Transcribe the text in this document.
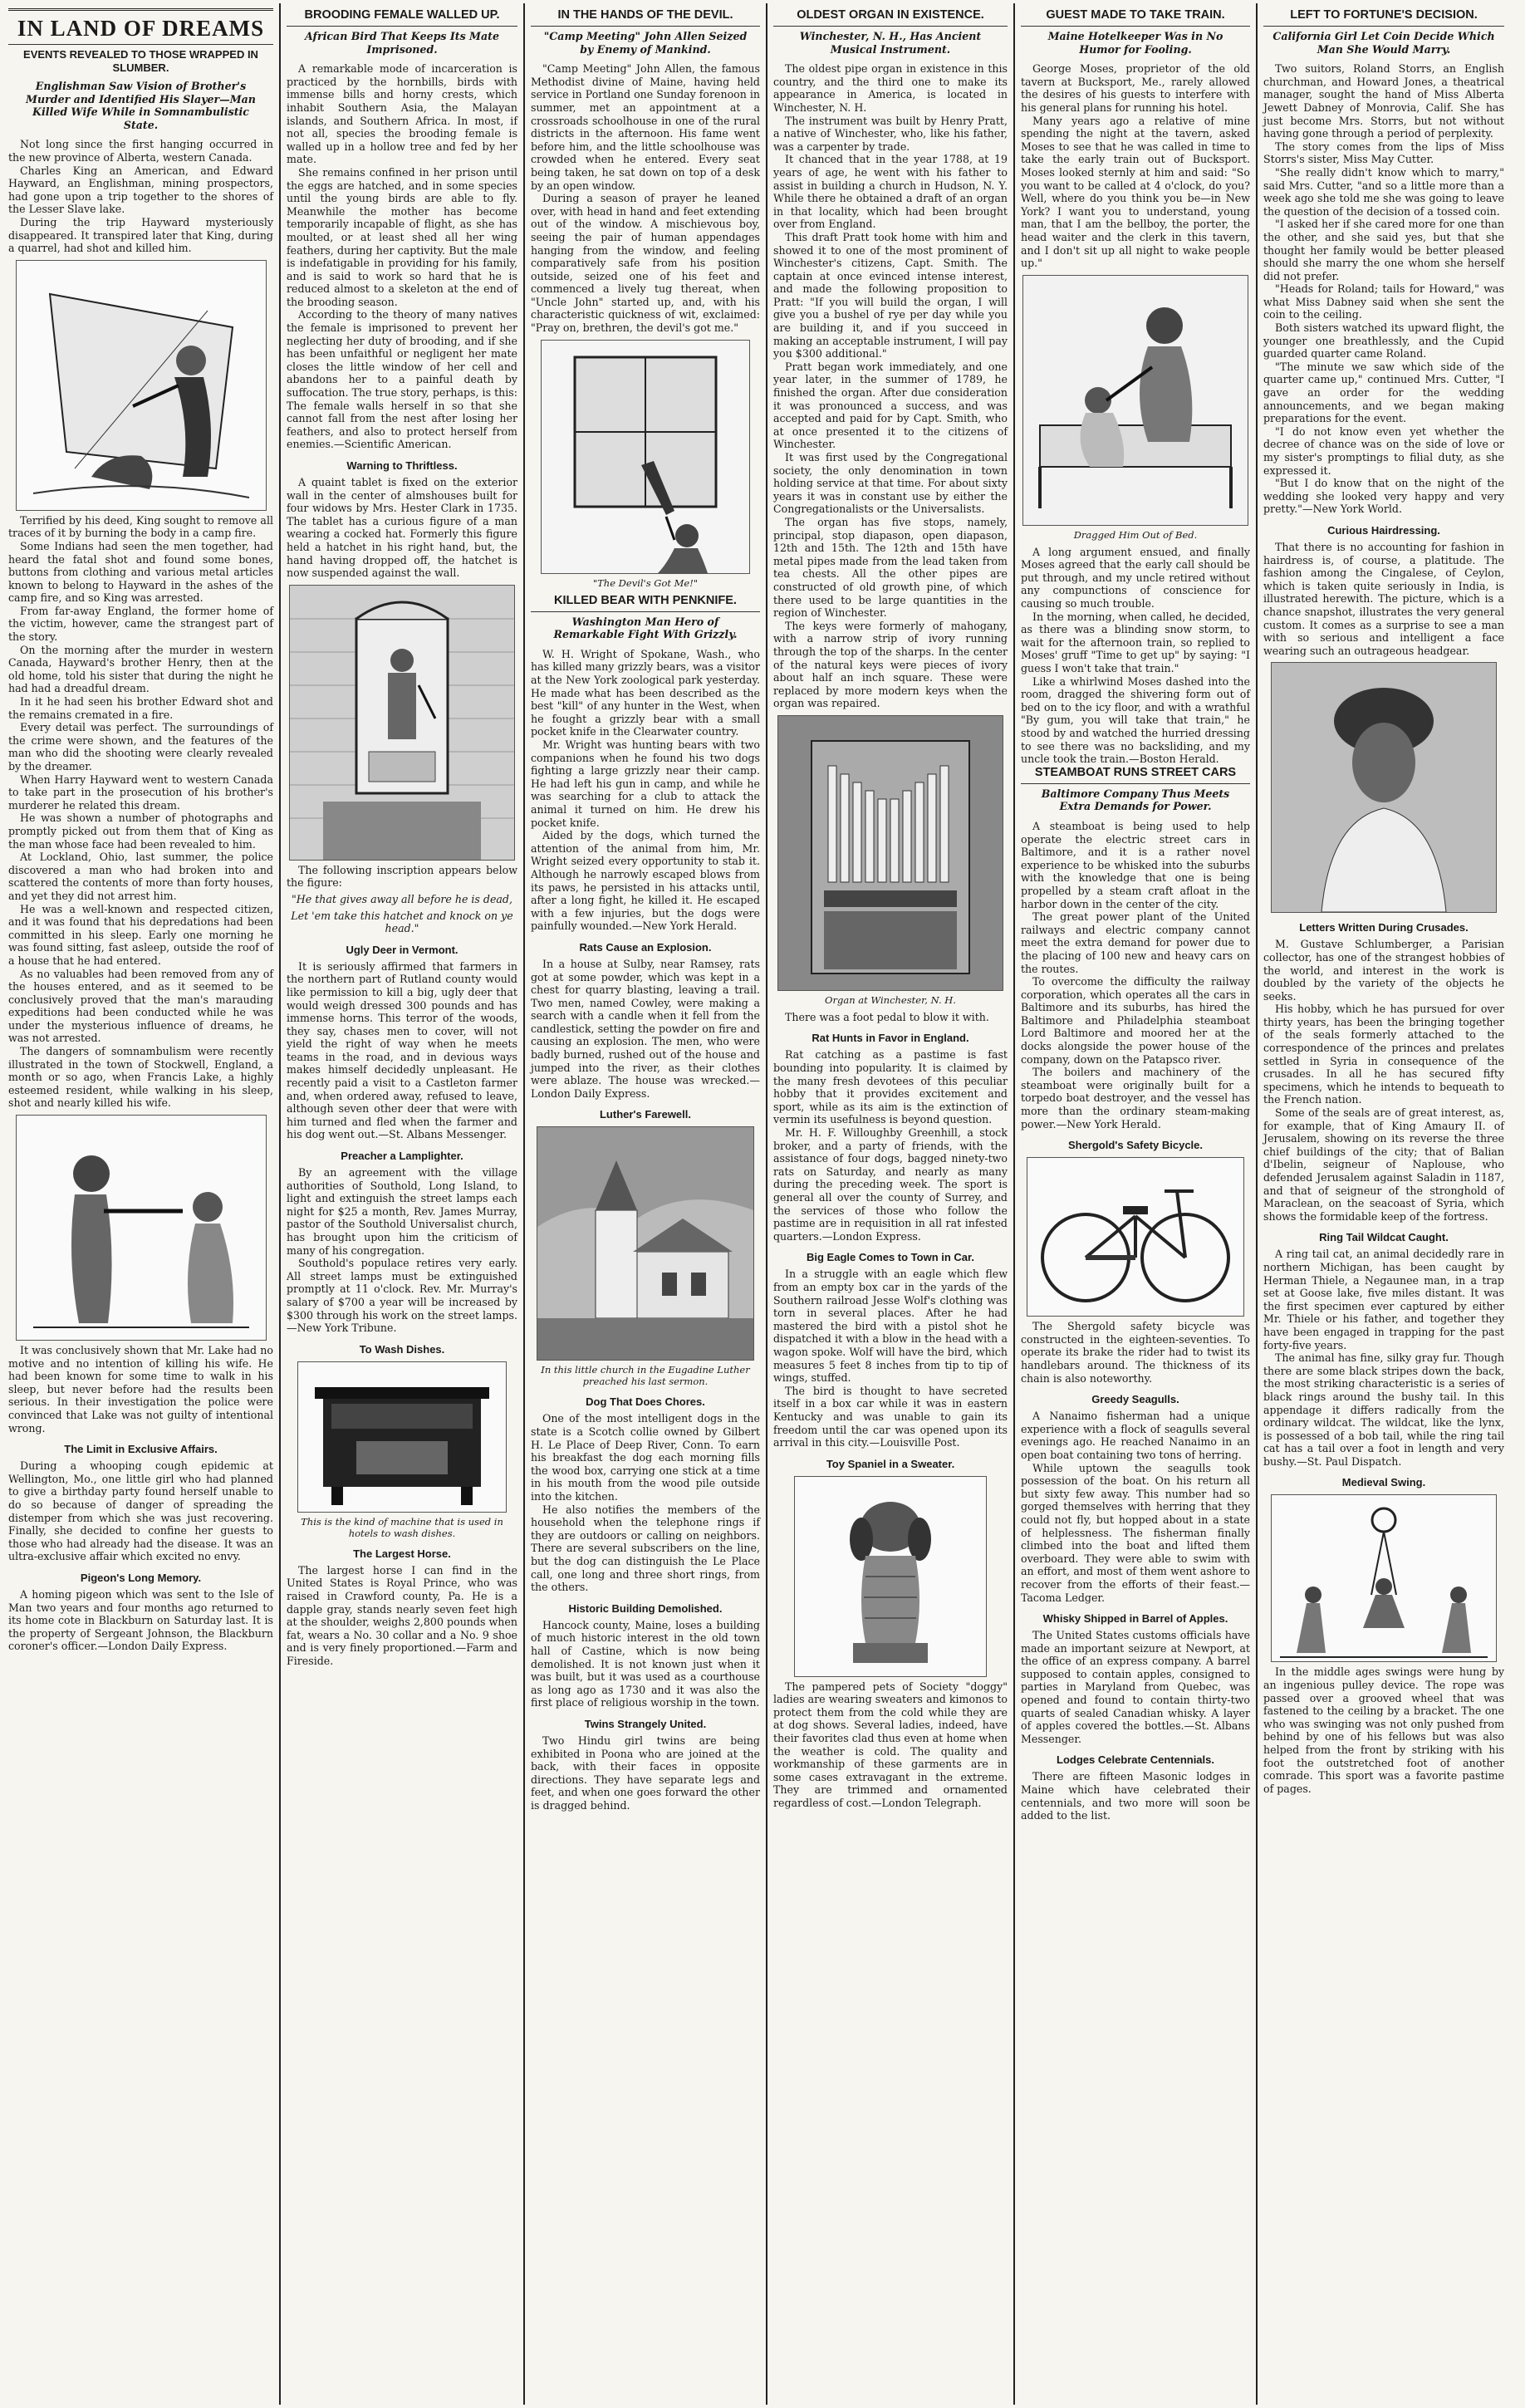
IN LAND OF DREAMS
EVENTS REVEALED TO THOSE WRAPPED IN SLUMBER.
Englishman Saw Vision of Brother's Murder and Identified His Slayer—Man Killed Wife While in Somnambulistic State.

Not long since the first hanging occurred in the new province of Alberta, western Canada.

Charles King an American, and Edward Hayward, an Englishman, mining prospectors, had gone upon a trip together to the shores of the Lesser Slave lake.

During the trip Hayward mysteriously disappeared. It transpired later that King, during a quarrel, had shot and killed him.

Terrified by his deed, King sought to remove all traces of it by burning the body in a camp fire.

Some Indians had seen the men together, had heard the fatal shot and found some bones, buttons from clothing and various metal articles known to belong to Hayward in the ashes of the camp fire, and so King was arrested.

From far-away England, the former home of the victim, however, came the strangest part of the story.

On the morning after the murder in western Canada, Hayward's brother Henry, then at the old home, told his sister that during the night he had had a dreadful dream.

In it he had seen his brother Edward shot and the remains cremated in a fire.

Every detail was perfect. The surroundings of the crime were shown, and the features of the man who did the shooting were clearly revealed by the dreamer.

When Harry Hayward went to western Canada to take part in the prosecution of his brother's murderer he related this dream.

He was shown a number of photographs and promptly picked out from them that of King as the man whose face had been revealed to him.

At Lockland, Ohio, last summer, the police discovered a man who had broken into and scattered the contents of more than forty houses, and yet they did not arrest him.

He was a well-known and respected citizen, and it was found that his depredations had been committed in his sleep. Early one morning he was found sitting, fast asleep, outside the roof of a house that he had entered.

As no valuables had been removed from any of the houses entered, and as it seemed to be conclusively proved that the man's marauding expeditions had been conducted while he was under the mysterious influence of dreams, he was not arrested.

The dangers of somnambulism were recently illustrated in the town of Stockwell, England, a month or so ago, when Francis Lake, a highly esteemed resident, while walking in his sleep, shot and nearly killed his wife.

It was conclusively shown that Mr. Lake had no motive and no intention of killing his wife. He had been known for some time to walk in his sleep, but never before had the results been serious. In their investigation the police were convinced that Lake was not guilty of intentional wrong.

The Limit in Exclusive Affairs.

During a whooping cough epidemic at Wellington, Mo., one little girl who had planned to give a birthday party found herself unable to do so because of danger of spreading the distemper from which she was just recovering. Finally, she decided to confine her guests to those who had already had the disease. It was an ultra-exclusive affair which excited no envy.

Pigeon's Long Memory.

A homing pigeon which was sent to the Isle of Man two years and four months ago returned to its home cote in Blackburn on Saturday last. It is the property of Sergeant Johnson, the Blackburn coroner's officer.—London Daily Express.

BROODING FEMALE WALLED UP.
African Bird That Keeps Its Mate Imprisoned.

A remarkable mode of incarceration is practiced by the hornbills, birds with immense bills and horny crests, which inhabit Southern Asia, the Malayan islands, and Southern Africa. In most, if not all, species the brooding female is walled up in a hollow tree and fed by her mate.

She remains confined in her prison until the eggs are hatched, and in some species until the young birds are able to fly. Meanwhile the mother has become temporarily incapable of flight, as she has moulted, or at least shed all her wing feathers, during her captivity. But the male is indefatigable in providing for his family, and is said to work so hard that he is reduced almost to a skeleton at the end of the brooding season.

According to the theory of many natives the female is imprisoned to prevent her neglecting her duty of brooding, and if she has been unfaithful or negligent her mate closes the little window of her cell and abandons her to a painful death by suffocation. The true story, perhaps, is this: The female walls herself in so that she cannot fall from the nest after losing her feathers, and also to protect herself from enemies.—Scientific American.

Warning to Thriftless.

A quaint tablet is fixed on the exterior wall in the center of almshouses built for four widows by Mrs. Hester Clark in 1735. The tablet has a curious figure of a man wearing a cocked hat. Formerly this figure held a hatchet in his right hand, but, the hand having dropped off, the hatchet is now suspended against the wall.

The following inscription appears below the figure:

"He that gives away all before he is dead,

Let 'em take this hatchet and knock on ye head."

Ugly Deer in Vermont.

It is seriously affirmed that farmers in the northern part of Rutland county would like permission to kill a big, ugly deer that would weigh dressed 300 pounds and has immense horns. This terror of the woods, they say, chases men to cover, will not yield the right of way when he meets teams in the road, and in devious ways makes himself decidedly unpleasant. He recently paid a visit to a Castleton farmer and, when ordered away, refused to leave, although seven other deer that were with him turned and fled when the farmer and his dog went out.—St. Albans Messenger.

Preacher a Lamplighter.

By an agreement with the village authorities of Southold, Long Island, to light and extinguish the street lamps each night for $25 a month, Rev. James Murray, pastor of the Southold Universalist church, has brought upon him the criticism of many of his congregation.

Southold's populace retires very early. All street lamps must be extinguished promptly at 11 o'clock. Rev. Mr. Murray's salary of $700 a year will be increased by $300 through his work on the street lamps.—New York Tribune.

To Wash Dishes.

This is the kind of machine that is used in hotels to wash dishes.

The Largest Horse.

The largest horse I can find in the United States is Royal Prince, who was raised in Crawford county, Pa. He is a dapple gray, stands nearly seven feet high at the shoulder, weighs 2,800 pounds when fat, wears a No. 30 collar and a No. 9 shoe and is very finely proportioned.—Farm and Fireside.

IN THE HANDS OF THE DEVIL.
"Camp Meeting" John Allen Seized by Enemy of Mankind.

"Camp Meeting" John Allen, the famous Methodist divine of Maine, having held service in Portland one Sunday forenoon in summer, met an appointment at a crossroads schoolhouse in one of the rural districts in the afternoon. His fame went before him, and the little schoolhouse was crowded when he entered. Every seat being taken, he sat down on top of a desk by an open window.

During a season of prayer he leaned over, with head in hand and feet extending out of the window. A mischievous boy, seeing the pair of human appendages hanging from the window, and feeling comparatively safe from his position outside, seized one of his feet and commenced a lively tug thereat, when "Uncle John" started up, and, with his characteristic quickness of wit, exclaimed: "Pray on, brethren, the devil's got me."

"The Devil's Got Me!"

KILLED BEAR WITH PENKNIFE.
Washington Man Hero of Remarkable Fight With Grizzly.

W. H. Wright of Spokane, Wash., who has killed many grizzly bears, was a visitor at the New York zoological park yesterday. He made what has been described as the best "kill" of any hunter in the West, when he fought a grizzly bear with a small pocket knife in the Clearwater country.

Mr. Wright was hunting bears with two companions when he found his two dogs fighting a large grizzly near their camp. He had left his gun in camp, and while he was searching for a club to attack the animal it turned on him. He drew his pocket knife.

Aided by the dogs, which turned the attention of the animal from him, Mr. Wright seized every opportunity to stab it. Although he narrowly escaped blows from its paws, he persisted in his attacks until, after a long fight, he killed it. He escaped with a few injuries, but the dogs were painfully wounded.—New York Herald.

Rats Cause an Explosion.

In a house at Sulby, near Ramsey, rats got at some powder, which was kept in a chest for quarry blasting, leaving a trail. Two men, named Cowley, were making a search with a candle when it fell from the candlestick, setting the powder on fire and causing an explosion. The men, who were badly burned, rushed out of the house and jumped into the river, as their clothes were ablaze. The house was wrecked.—London Daily Express.

Luther's Farewell.

In this little church in the Eugadine Luther preached his last sermon.

Dog That Does Chores.

One of the most intelligent dogs in the state is a Scotch collie owned by Gilbert H. Le Place of Deep River, Conn. To earn his breakfast the dog each morning fills the wood box, carrying one stick at a time in his mouth from the wood pile outside into the kitchen.

He also notifies the members of the household when the telephone rings if they are outdoors or calling on neighbors. There are several subscribers on the line, but the dog can distinguish the Le Place call, one long and three short rings, from the others.

Historic Building Demolished.

Hancock county, Maine, loses a building of much historic interest in the old town hall of Castine, which is now being demolished. It is not known just when it was built, but it was used as a courthouse as long ago as 1730 and it was also the first place of religious worship in the town.

Twins Strangely United.

Two Hindu girl twins are being exhibited in Poona who are joined at the back, with their faces in opposite directions. They have separate legs and feet, and when one goes forward the other is dragged behind.

OLDEST ORGAN IN EXISTENCE.
Winchester, N. H., Has Ancient Musical Instrument.

The oldest pipe organ in existence in this country, and the third one to make its appearance in America, is located in Winchester, N. H.

The instrument was built by Henry Pratt, a native of Winchester, who, like his father, was a carpenter by trade.

It chanced that in the year 1788, at 19 years of age, he went with his father to assist in building a church in Hudson, N. Y. While there he obtained a draft of an organ in that locality, which had been brought over from England.

This draft Pratt took home with him and showed it to one of the most prominent of Winchester's citizens, Capt. Smith. The captain at once evinced intense interest, and made the following proposition to Pratt: "If you will build the organ, I will give you a bushel of rye per day while you are building it, and if you succeed in making an acceptable instrument, I will pay you $300 additional."

Pratt began work immediately, and one year later, in the summer of 1789, he finished the organ. After due consideration it was pronounced a success, and was accepted and paid for by Capt. Smith, who at once presented it to the citizens of Winchester.

It was first used by the Congregational society, the only denomination in town holding service at that time. For about sixty years it was in constant use by either the Congregationalists or the Universalists.

The organ has five stops, namely, principal, stop diapason, open diapason, 12th and 15th. The 12th and 15th have metal pipes made from the lead taken from tea chests. All the other pipes are constructed of old growth pine, of which there used to be large quantities in the region of Winchester.

The keys were formerly of mahogany, with a narrow strip of ivory running through the top of the sharps. In the center of the natural keys were pieces of ivory about half an inch square. These were replaced by more modern keys when the organ was repaired.

Organ at Winchester, N. H.

There was a foot pedal to blow it with.

Rat Hunts in Favor in England.

Rat catching as a pastime is fast bounding into popularity. It is claimed by the many fresh devotees of this peculiar hobby that it provides excitement and sport, while as its aim is the extinction of vermin its usefulness is beyond question.

Mr. H. F. Willoughby Greenhill, a stock broker, and a party of friends, with the assistance of four dogs, bagged ninety-two rats on Saturday, and nearly as many during the preceding week. The sport is general all over the county of Surrey, and the services of those who follow the pastime are in requisition in all rat infested quarters.—London Express.

Big Eagle Comes to Town in Car.

In a struggle with an eagle which flew from an empty box car in the yards of the Southern railroad Jesse Wolf's clothing was torn in several places. After he had mastered the bird with a pistol shot he dispatched it with a blow in the head with a wagon spoke. Wolf will have the bird, which measures 5 feet 8 inches from tip to tip of wings, stuffed.

The bird is thought to have secreted itself in a box car while it was in eastern Kentucky and was unable to gain its freedom until the car was opened upon its arrival in this city.—Louisville Post.

Toy Spaniel in a Sweater.

The pampered pets of Society "doggy" ladies are wearing sweaters and kimonos to protect them from the cold while they are at dog shows. Several ladies, indeed, have their favorites clad thus even at home when the weather is cold. The quality and workmanship of these garments are in some cases extravagant in the extreme. They are trimmed and ornamented regardless of cost.—London Telegraph.

GUEST MADE TO TAKE TRAIN.
Maine Hotelkeeper Was in No Humor for Fooling.

George Moses, proprietor of the old tavern at Bucksport, Me., rarely allowed the desires of his guests to interfere with his general plans for running his hotel.

Many years ago a relative of mine spending the night at the tavern, asked Moses to see that he was called in time to take the early train out of Bucksport. Moses looked sternly at him and said: "So you want to be called at 4 o'clock, do you? Well, where do you think you be—in New York? I want you to understand, young man, that I am the bellboy, the porter, the head waiter and the clerk in this tavern, and I don't sit up all night to wake people up."

Dragged Him Out of Bed.

A long argument ensued, and finally Moses agreed that the early call should be put through, and my uncle retired without any compunctions of conscience for causing so much trouble.

In the morning, when called, he decided, as there was a blinding snow storm, to wait for the afternoon train, so replied to Moses' gruff "Time to get up" by saying: "I guess I won't take that train."

Like a whirlwind Moses dashed into the room, dragged the shivering form out of bed on to the icy floor, and with a wrathful "By gum, you will take that train," he stood by and watched the hurried dressing to see there was no backsliding, and my uncle took the train.—Boston Herald.

STEAMBOAT RUNS STREET CARS
Baltimore Company Thus Meets Extra Demands for Power.

A steamboat is being used to help operate the electric street cars in Baltimore, and it is a rather novel experience to be whisked into the suburbs with the knowledge that one is being propelled by a steam craft afloat in the harbor down in the center of the city.

The great power plant of the United railways and electric company cannot meet the extra demand for power due to the placing of 100 new and heavy cars on the routes.

To overcome the difficulty the railway corporation, which operates all the cars in Baltimore and its suburbs, has hired the Baltimore and Philadelphia steamboat Lord Baltimore and moored her at the docks alongside the power house of the company, down on the Patapsco river.

The boilers and machinery of the steamboat were originally built for a torpedo boat destroyer, and the vessel has more than the ordinary steam-making power.—New York Herald.

Shergold's Safety Bicycle.

The Shergold safety bicycle was constructed in the eighteen-seventies. To operate its brake the rider had to twist its handlebars around. The thickness of its chain is also noteworthy.

Greedy Seagulls.

A Nanaimo fisherman had a unique experience with a flock of seagulls several evenings ago. He reached Nanaimo in an open boat containing two tons of herring.

While uptown the seagulls took possession of the boat. On his return all but sixty few away. This number had so gorged themselves with herring that they could not fly, but hopped about in a state of helplessness. The fisherman finally climbed into the boat and lifted them overboard. They were able to swim with an effort, and most of them went ashore to recover from the efforts of their feast.—Tacoma Ledger.

Whisky Shipped in Barrel of Apples.

The United States customs officials have made an important seizure at Newport, at the office of an express company. A barrel supposed to contain apples, consigned to parties in Maryland from Quebec, was opened and found to contain thirty-two quarts of sealed Canadian whisky. A layer of apples covered the bottles.—St. Albans Messenger.

Lodges Celebrate Centennials.

There are fifteen Masonic lodges in Maine which have celebrated their centennials, and two more will soon be added to the list.

LEFT TO FORTUNE'S DECISION.
California Girl Let Coin Decide Which Man She Would Marry.

Two suitors, Roland Storrs, an English churchman, and Howard Jones, a theatrical manager, sought the hand of Miss Alberta Jewett Dabney of Monrovia, Calif. She has just become Mrs. Storrs, but not without having gone through a period of perplexity.

The story comes from the lips of Miss Storrs's sister, Miss May Cutter.

"She really didn't know which to marry," said Mrs. Cutter, "and so a little more than a week ago she told me she was going to leave the question of the decision of a tossed coin.

"I asked her if she cared more for one than the other, and she said yes, but that she thought her family would be better pleased should she marry the one whom she herself did not prefer.

"Heads for Roland; tails for Howard," was what Miss Dabney said when she sent the coin to the ceiling.

Both sisters watched its upward flight, the younger one breathlessly, and the Cupid guarded quarter came Roland.

"The minute we saw which side of the quarter came up," continued Mrs. Cutter, "I gave an order for the wedding announcements, and we began making preparations for the event.

"I do not know even yet whether the decree of chance was on the side of love or my sister's promptings to filial duty, as she expressed it.

"But I do know that on the night of the wedding she looked very happy and very pretty."—New York World.

Curious Hairdressing.

That there is no accounting for fashion in hairdress is, of course, a platitude. The fashion among the Cingalese, of Ceylon, which is taken quite seriously in India, is illustrated herewith. The picture, which is a chance snapshot, illustrates the very general custom. It comes as a surprise to see a man with so serious and intelligent a face wearing such an outrageous headgear.

Letters Written During Crusades.

M. Gustave Schlumberger, a Parisian collector, has one of the strangest hobbies of the world, and interest in the work is doubled by the variety of the objects he seeks.

His hobby, which he has pursued for over thirty years, has been the bringing together of the seals formerly attached to the correspondence of the princes and prelates settled in Syria in consequence of the crusades. In all he has secured fifty specimens, which he intends to bequeath to the French nation.

Some of the seals are of great interest, as, for example, that of King Amaury II. of Jerusalem, showing on its reverse the three chief buildings of the city; that of Balian d'Ibelin, seigneur of Naplouse, who defended Jerusalem against Saladin in 1187, and that of seigneur of the stronghold of Maraclean, on the seacoast of Syria, which shows the formidable keep of the fortress.

Ring Tail Wildcat Caught.

A ring tail cat, an animal decidedly rare in northern Michigan, has been caught by Herman Thiele, a Negaunee man, in a trap set at Goose lake, five miles distant. It was the first specimen ever captured by either Mr. Thiele or his father, and together they have been engaged in trapping for the past forty-five years.

The animal has fine, silky gray fur. Though there are some black stripes down the back, the most striking characteristic is a series of black rings around the bushy tail. In this appendage it differs radically from the ordinary wildcat. The wildcat, like the lynx, is possessed of a bob tail, while the ring tail cat has a tail over a foot in length and very bushy.—St. Paul Dispatch.

Medieval Swing.

In the middle ages swings were hung by an ingenious pulley device. The rope was passed over a grooved wheel that was fastened to the ceiling by a bracket. The one who was swinging was not only pushed from behind by one of his fellows but was also helped from the front by striking with his foot the outstretched foot of another comrade. This sport was a favorite pastime of pages.
